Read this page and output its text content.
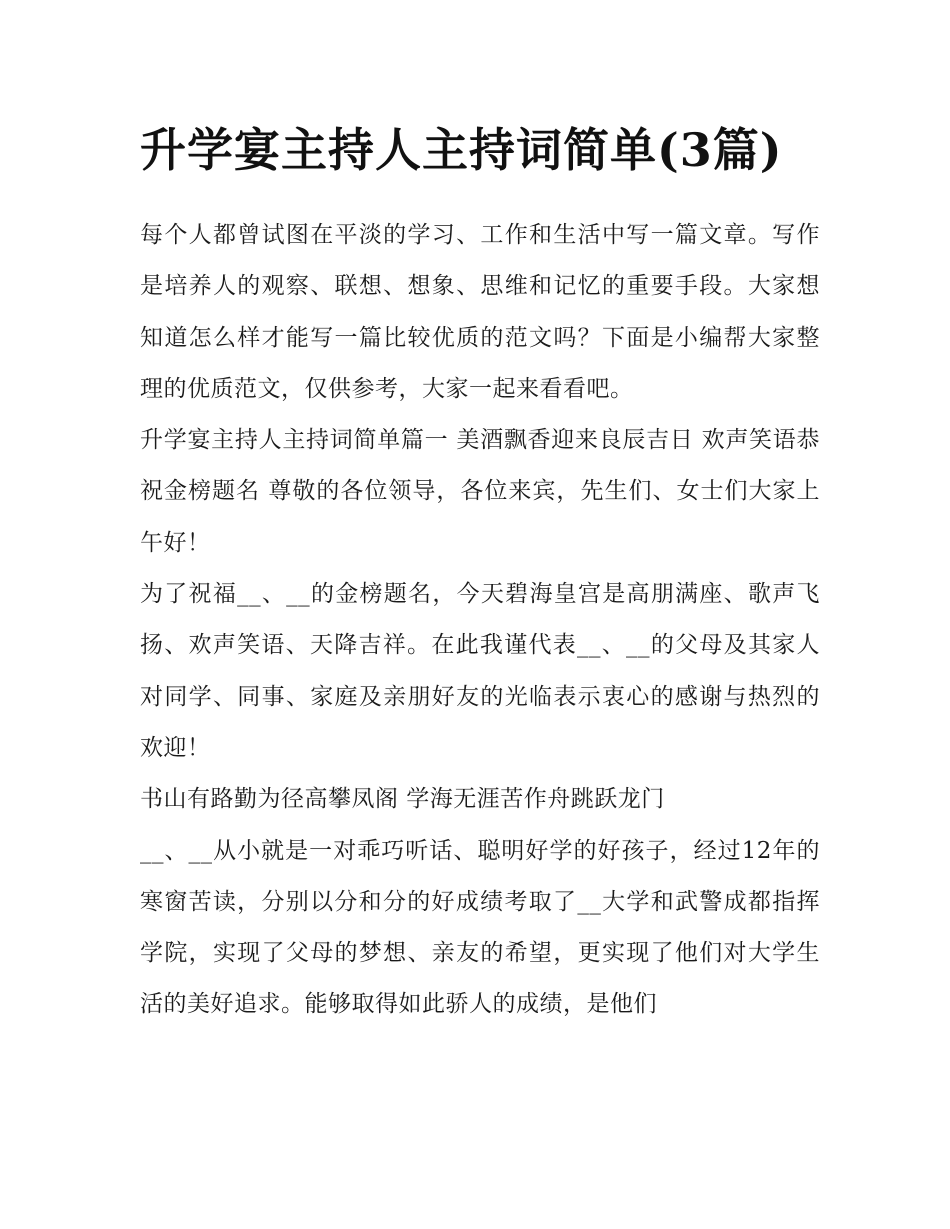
升学宴主持人主持词简单(3篇)

每个人都曾试图在平淡的学习、工作和生活中写一篇文章。写作是培养人的观察、联想、想象、思维和记忆的重要手段。大家想知道怎么样才能写一篇比较优质的范文吗？下面是小编帮大家整理的优质范文，仅供参考，大家一起来看看吧。

升学宴主持人主持词简单篇一 美酒飘香迎来良辰吉日 欢声笑语恭祝金榜题名 尊敬的各位领导，各位来宾，先生们、女士们大家上午好！

为了祝福__、__的金榜题名，今天碧海皇宫是高朋满座、歌声飞扬、欢声笑语、天降吉祥。在此我谨代表__、__的父母及其家人对同学、同事、家庭及亲朋好友的光临表示衷心的感谢与热烈的欢迎！

书山有路勤为径高攀凤阁 学海无涯苦作舟跳跃龙门

__、__从小就是一对乖巧听话、聪明好学的好孩子，经过12年的寒窗苦读，分别以分和分的好成绩考取了__大学和武警成都指挥学院，实现了父母的梦想、亲友的希望，更实现了他们对大学生活的美好追求。能够取得如此骄人的成绩，是他们
